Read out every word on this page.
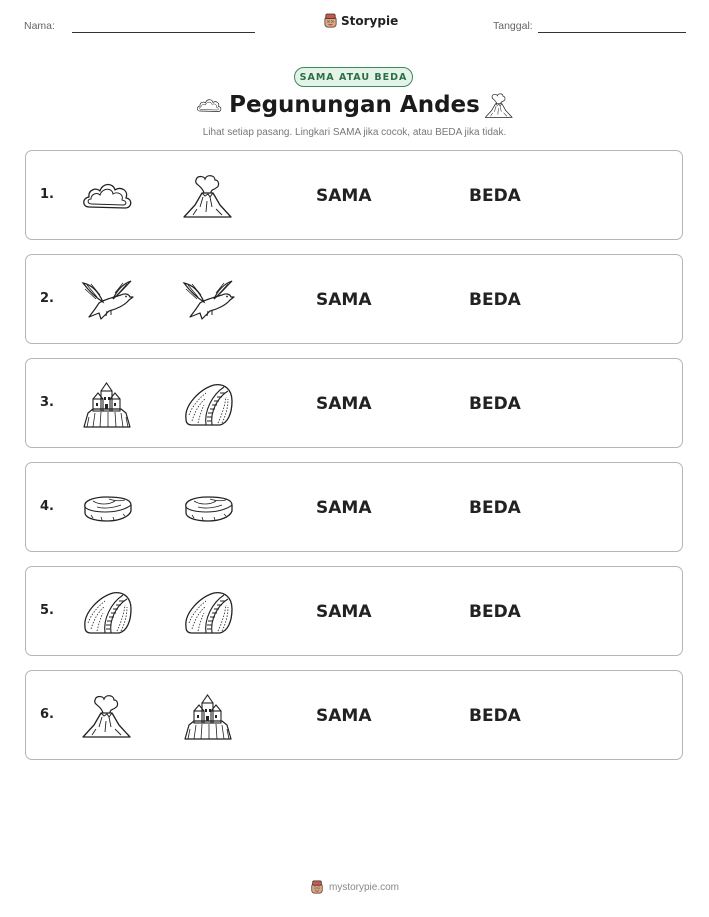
Nama:	Storypie	Tanggal:
SAMA ATAU BEDA
Pegunungan Andes
Lihat setiap pasang. Lingkari SAMA jika cocok, atau BEDA jika tidak.
1.	SAMA	BEDA
2.	SAMA	BEDA
3.	SAMA	BEDA
4.	SAMA	BEDA
5.	SAMA	BEDA
6.	SAMA	BEDA
mystorypie.com
